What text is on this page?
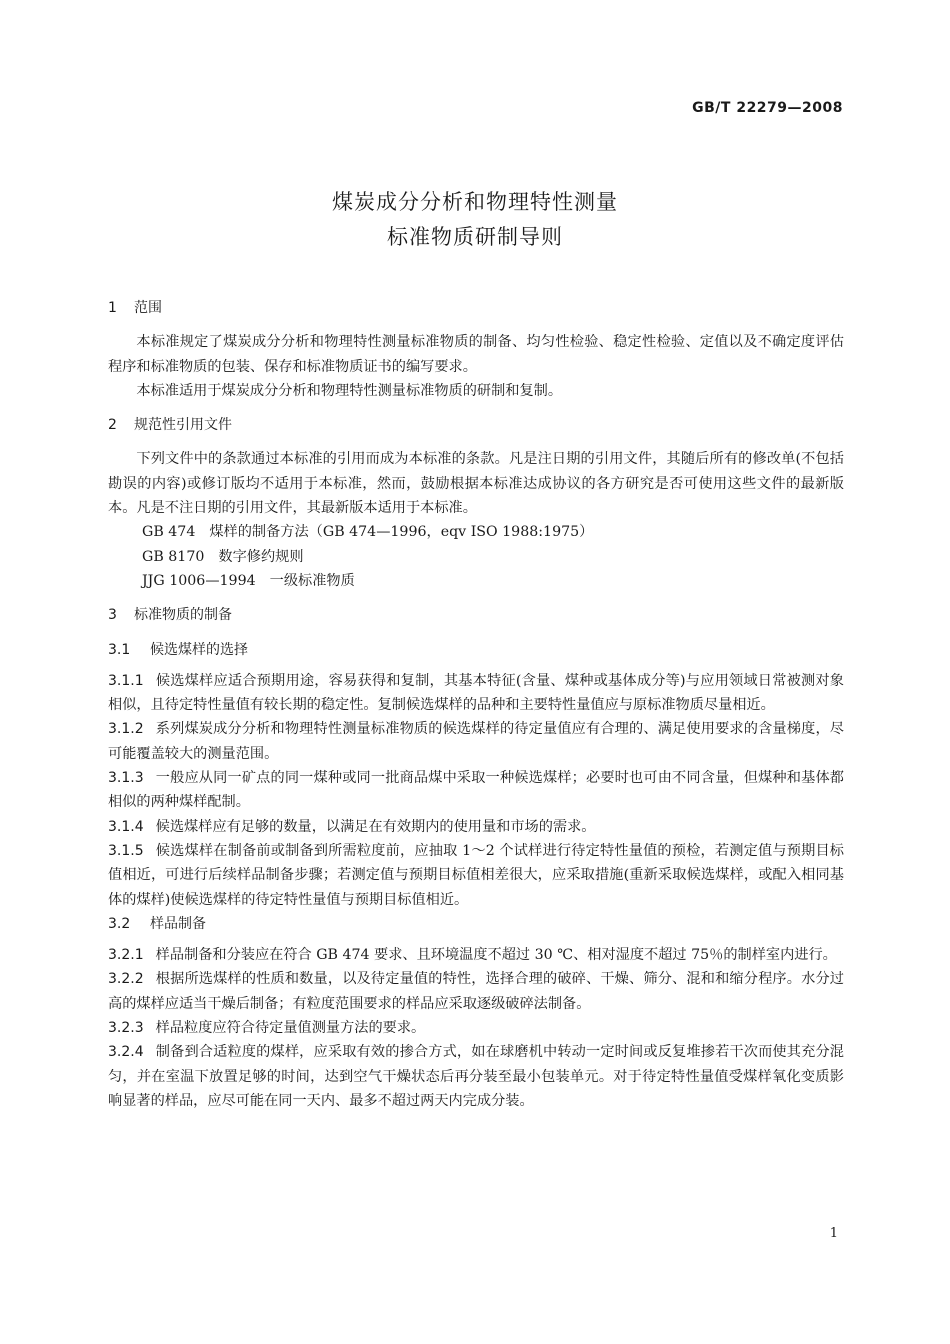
GB/T 22279—2008
煤炭成分分析和物理特性测量
标准物质研制导则
1 范围

本标准规定了煤炭成分分析和物理特性测量标准物质的制备、均匀性检验、稳定性检验、定值以及不确定度评估程序和标准物质的包装、保存和标准物质证书的编写要求。

本标准适用于煤炭成分分析和物理特性测量标准物质的研制和复制。

2 规范性引用文件

下列文件中的条款通过本标准的引用而成为本标准的条款。凡是注日期的引用文件，其随后所有的修改单(不包括勘误的内容)或修订版均不适用于本标准，然而，鼓励根据本标准达成协议的各方研究是否可使用这些文件的最新版本。凡是不注日期的引用文件，其最新版本适用于本标准。

GB 474 煤样的制备方法（GB 474—1996，eqv ISO 1988:1975）

GB 8170 数字修约规则

JJG 1006—1994 一级标准物质

3 标准物质的制备
3.1 候选煤样的选择

3.1.1 候选煤样应适合预期用途，容易获得和复制，其基本特征(含量、煤种或基体成分等)与应用领域日常被测对象相似，且待定特性量值有较长期的稳定性。复制候选煤样的品种和主要特性量值应与原标准物质尽量相近。

3.1.2 系列煤炭成分分析和物理特性测量标准物质的候选煤样的待定量值应有合理的、满足使用要求的含量梯度，尽可能覆盖较大的测量范围。

3.1.3 一般应从同一矿点的同一煤种或同一批商品煤中采取一种候选煤样；必要时也可由不同含量，但煤种和基体都相似的两种煤样配制。

3.1.4 候选煤样应有足够的数量，以满足在有效期内的使用量和市场的需求。

3.1.5 候选煤样在制备前或制备到所需粒度前，应抽取 1～2 个试样进行待定特性量值的预检，若测定值与预期目标值相近，可进行后续样品制备步骤；若测定值与预期目标值相差很大，应采取措施(重新采取候选煤样，或配入相同基体的煤样)使候选煤样的待定特性量值与预期目标值相近。

3.2 样品制备

3.2.1 样品制备和分装应在符合 GB 474 要求、且环境温度不超过 30 ℃、相对湿度不超过 75％的制样室内进行。

3.2.2 根据所选煤样的性质和数量，以及待定量值的特性，选择合理的破碎、干燥、筛分、混和和缩分程序。水分过高的煤样应适当干燥后制备；有粒度范围要求的样品应采取逐级破碎法制备。

3.2.3 样品粒度应符合待定量值测量方法的要求。

3.2.4 制备到合适粒度的煤样，应采取有效的掺合方式，如在球磨机中转动一定时间或反复堆掺若干次而使其充分混匀，并在室温下放置足够的时间，达到空气干燥状态后再分装至最小包装单元。对于待定特性量值受煤样氧化变质影响显著的样品，应尽可能在同一天内、最多不超过两天内完成分装。

1
